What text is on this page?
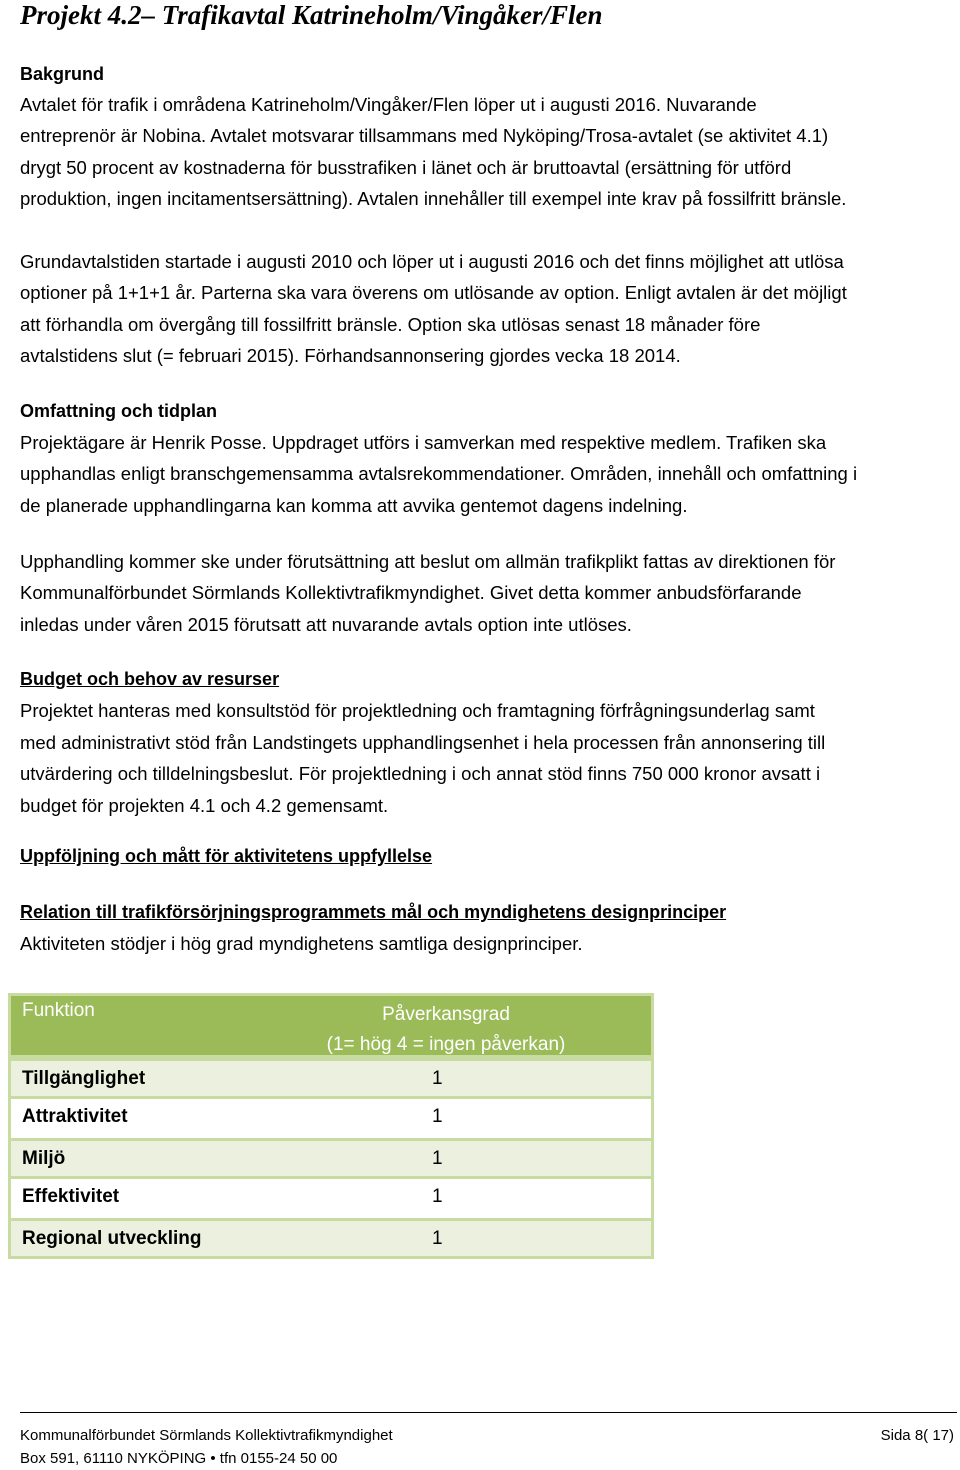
Projekt 4.2– Trafikavtal Katrineholm/Vingåker/Flen
Bakgrund
Avtalet för trafik i områdena Katrineholm/Vingåker/Flen löper ut i augusti 2016. Nuvarande
entreprenör är Nobina. Avtalet motsvarar tillsammans med Nyköping/Trosa-avtalet (se aktivitet 4.1)
drygt 50 procent av kostnaderna för busstrafiken i länet och är bruttoavtal (ersättning för utförd
produktion, ingen incitamentsersättning). Avtalen innehåller till exempel inte krav på fossilfritt bränsle.
Grundavtalstiden startade i augusti 2010 och löper ut i augusti 2016 och det finns möjlighet att utlösa
optioner på 1+1+1 år. Parterna ska vara överens om utlösande av option. Enligt avtalen är det möjligt
att förhandla om övergång till fossilfritt bränsle. Option ska utlösas senast 18 månader före
avtalstidens slut (= februari 2015). Förhandsannonsering gjordes vecka 18 2014.
Omfattning och tidplan
Projektägare är Henrik Posse. Uppdraget utförs i samverkan med respektive medlem. Trafiken ska
upphandlas enligt branschgemensamma avtalsrekommendationer. Områden, innehåll och omfattning i
de planerade upphandlingarna kan komma att avvika gentemot dagens indelning.
Upphandling kommer ske under förutsättning att beslut om allmän trafikplikt fattas av direktionen för
Kommunalförbundet Sörmlands Kollektivtrafikmyndighet. Givet detta kommer anbudsförfarande
inledas under våren 2015 förutsatt att nuvarande avtals option inte utlöses.
Budget och behov av resurser
Projektet hanteras med konsultstöd för projektledning och framtagning förfrågningsunderlag samt
med administrativt stöd från Landstingets upphandlingsenhet i hela processen från annonsering till
utvärdering och tilldelningsbeslut. För projektledning i och annat stöd finns 750 000 kronor avsatt i
budget för projekten 4.1 och 4.2 gemensamt.
Uppföljning och mått för aktivitetens uppfyllelse
Relation till trafikförsörjningsprogrammets mål och myndighetens designprinciper
Aktiviteten stödjer i hög grad myndighetens samtliga designprinciper.
Funktion	Påverkansgrad
(1= hög 4 = ingen påverkan)
Tillgänglighet	1
Attraktivitet	1
Miljö	1
Effektivitet	1
Regional utveckling	1
Kommunalförbundet Sörmlands Kollektivtrafikmyndighet	Sida 8( 17)
Box 591, 61110 NYKÖPING • tfn 0155-24 50 00
